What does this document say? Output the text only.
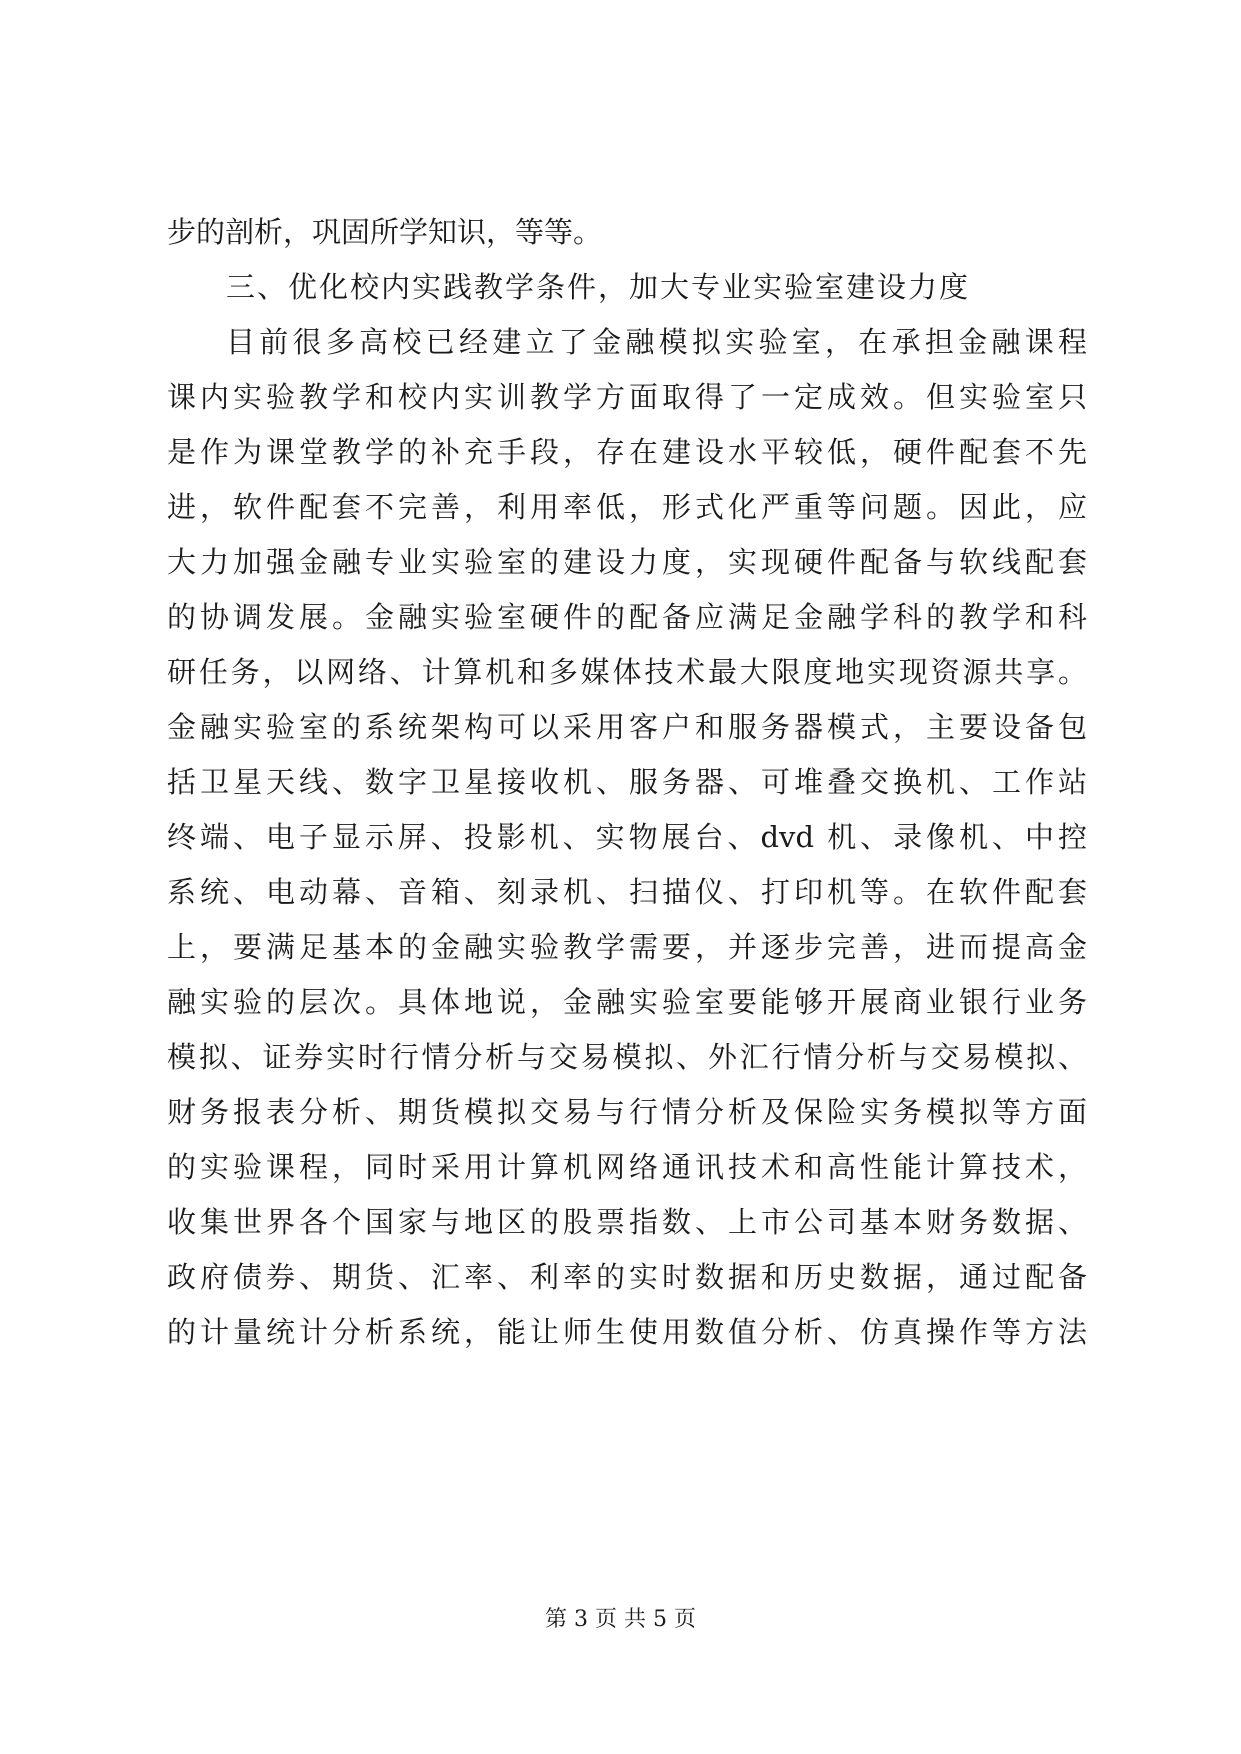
步的剖析，巩固所学知识，等等。
三、优化校内实践教学条件，加大专业实验室建设力度
目前很多高校已经建立了金融模拟实验室，在承担金融课程
课内实验教学和校内实训教学方面取得了一定成效。但实验室只
是作为课堂教学的补充手段，存在建设水平较低，硬件配套不先
进，软件配套不完善，利用率低，形式化严重等问题。因此，应
大力加强金融专业实验室的建设力度，实现硬件配备与软线配套
的协调发展。金融实验室硬件的配备应满足金融学科的教学和科
研任务，以网络、计算机和多媒体技术最大限度地实现资源共享。
金融实验室的系统架构可以采用客户和服务器模式，主要设备包
括卫星天线、数字卫星接收机、服务器、可堆叠交换机、工作站
终端、电子显示屏、投影机、实物展台、dvd 机、录像机、中控
系统、电动幕、音箱、刻录机、扫描仪、打印机等。在软件配套
上，要满足基本的金融实验教学需要，并逐步完善，进而提高金
融实验的层次。具体地说，金融实验室要能够开展商业银行业务
模拟、证券实时行情分析与交易模拟、外汇行情分析与交易模拟、
财务报表分析、期货模拟交易与行情分析及保险实务模拟等方面
的实验课程，同时采用计算机网络通讯技术和高性能计算技术，
收集世界各个国家与地区的股票指数、上市公司基本财务数据、
政府债券、期货、汇率、利率的实时数据和历史数据，通过配备
的计量统计分析系统，能让师生使用数值分析、仿真操作等方法
第 3 页 共 5 页
